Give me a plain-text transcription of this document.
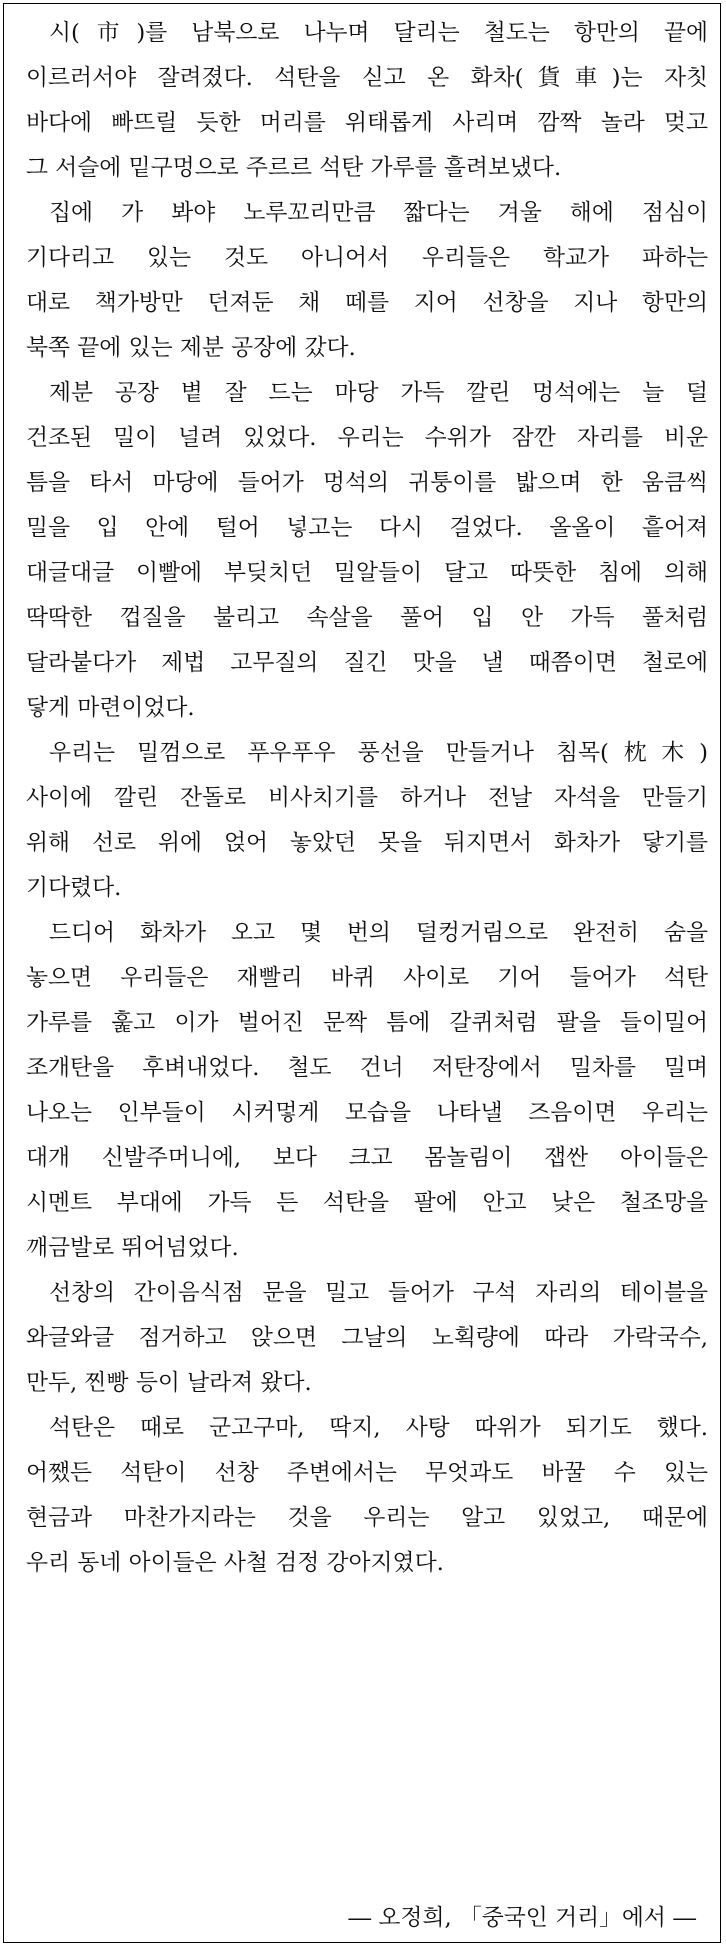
시(市)를 남북으로 나누며 달리는 철도는 항만의 끝에
이르러서야 잘려졌다. 석탄을 싣고 온 화차(貨車)는 자칫
바다에 빠뜨릴 듯한 머리를 위태롭게 사리며 깜짝 놀라 멎고
그 서슬에 밑구멍으로 주르르 석탄 가루를 흘려보냈다.
집에 가 봐야 노루꼬리만큼 짧다는 겨울 해에 점심이
기다리고 있는 것도 아니어서 우리들은 학교가 파하는
대로 책가방만 던져둔 채 떼를 지어 선창을 지나 항만의
북쪽 끝에 있는 제분 공장에 갔다.
제분 공장 볕 잘 드는 마당 가득 깔린 멍석에는 늘 덜
건조된 밀이 널려 있었다. 우리는 수위가 잠깐 자리를 비운
틈을 타서 마당에 들어가 멍석의 귀퉁이를 밟으며 한 움큼씩
밀을 입 안에 털어 넣고는 다시 걸었다. 올올이 흩어져
대글대글 이빨에 부딪치던 밀알들이 달고 따뜻한 침에 의해
딱딱한 껍질을 불리고 속살을 풀어 입 안 가득 풀처럼
달라붙다가 제법 고무질의 질긴 맛을 낼 때쯤이면 철로에
닿게 마련이었다.
우리는 밀껌으로 푸우푸우 풍선을 만들거나 침목(枕木)
사이에 깔린 잔돌로 비사치기를 하거나 전날 자석을 만들기
위해 선로 위에 얹어 놓았던 못을 뒤지면서 화차가 닿기를
기다렸다.
드디어 화차가 오고 몇 번의 덜컹거림으로 완전히 숨을
놓으면 우리들은 재빨리 바퀴 사이로 기어 들어가 석탄
가루를 훑고 이가 벌어진 문짝 틈에 갈퀴처럼 팔을 들이밀어
조개탄을 후벼내었다. 철도 건너 저탄장에서 밀차를 밀며
나오는 인부들이 시커멓게 모습을 나타낼 즈음이면 우리는
대개 신발주머니에, 보다 크고 몸놀림이 잽싼 아이들은
시멘트 부대에 가득 든 석탄을 팔에 안고 낮은 철조망을
깨금발로 뛰어넘었다.
선창의 간이음식점 문을 밀고 들어가 구석 자리의 테이블을
와글와글 점거하고 앉으면 그날의 노획량에 따라 가락국수,
만두, 찐빵 등이 날라져 왔다.
석탄은 때로 군고구마, 딱지, 사탕 따위가 되기도 했다.
어쨌든 석탄이 선창 주변에서는 무엇과도 바꿀 수 있는
현금과 마찬가지라는 것을 우리는 알고 있었고, 때문에
우리 동네 아이들은 사철 검정 강아지였다.
― 오정희, 「중국인 거리」에서 ―
